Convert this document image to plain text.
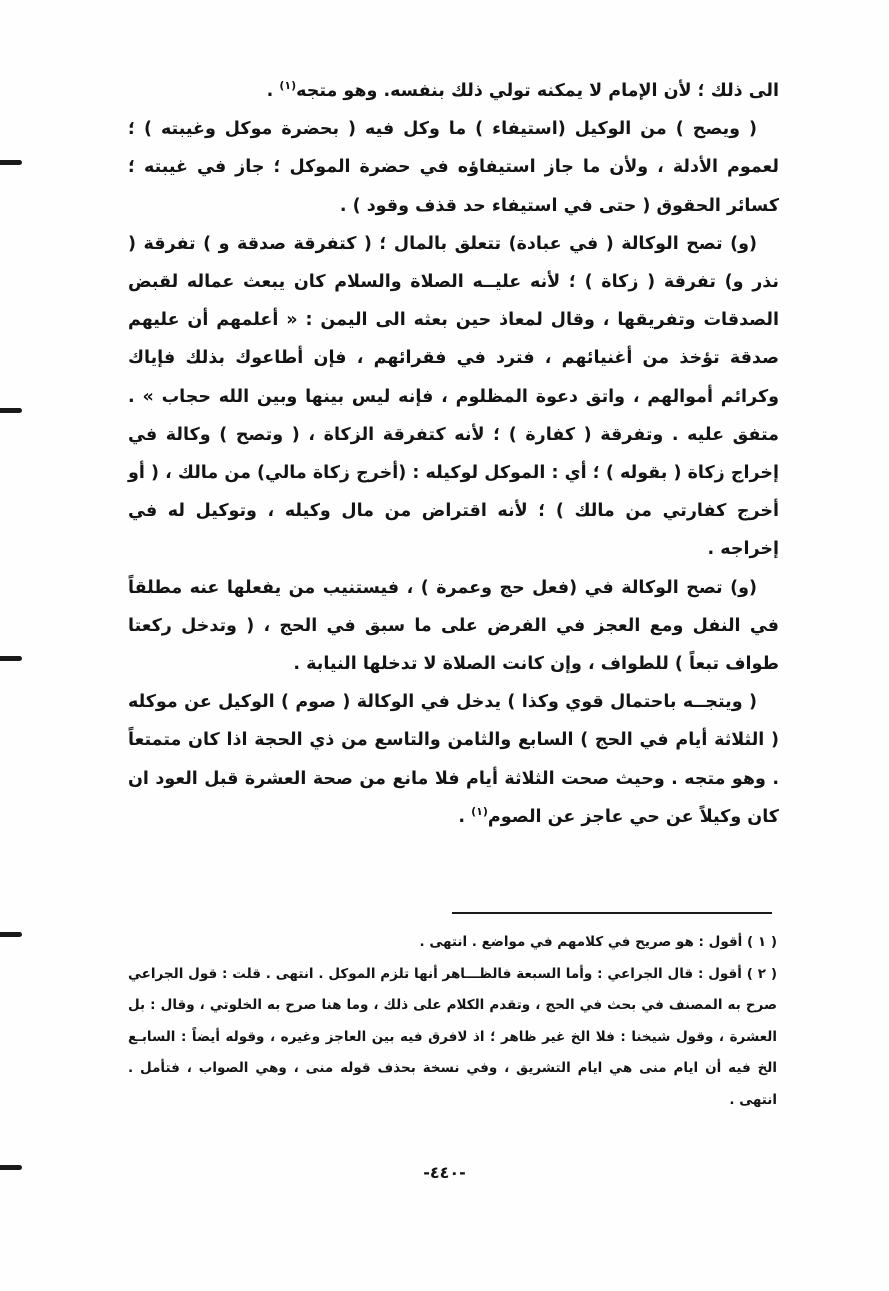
الى ذلك ؛ لأن الإمام لا يمكنه تولي ذلك بنفسه. وهو متجه$^{(١)}$ .

( ويصح ) من الوكيل (استيفاء ) ما وكل فيه ( بحضرة موكل وغيبته ) ؛ لعموم الأدلة ، ولأن ما جاز استيفاؤه في حضرة الموكل ؛ جاز في غيبته ؛ كسائر الحقوق ( حتى في استيفاء حد قذف وقود ) .

(و) تصح الوكالة ( في عبادة) تتعلق بالمال ؛ ( كتفرقة صدقة و ) تفرقة ( نذر و) تفرقة ( زكاة ) ؛ لأنه عليــه الصلاة والسلام كان يبعث عماله لقبض الصدقات وتفريقها ، وقال لمعاذ حين بعثه الى اليمن : « أعلمهم أن عليهم صدقة تؤخذ من أغنيائهم ، فترد في فقرائهم ، فإن أطاعوك بذلك فإياك وكرائم أموالهم ، واتق دعوة المظلوم ، فإنه ليس بينها وبين الله حجاب » . متفق عليه . وتفرقة ( كفارة ) ؛ لأنه كتفرقة الزكاة ، ( وتصح ) وكالة في إخراج زكاة ( بقوله ) ؛ أي : الموكل لوكيله : (أخرج زكاة مالي) من مالك ، ( أو أخرج كفارتي من مالك ) ؛ لأنه اقتراض من مال وكيله ، وتوكيل له في إخراجه .

(و) تصح الوكالة في (فعل حج وعمرة ) ، فيستنيب من يفعلها عنه مطلقاً في النفل ومع العجز في الفرض على ما سبق في الحج ، ( وتدخل ركعتا طواف تبعاً ) للطواف ، وإن كانت الصلاة لا تدخلها النيابة .

( ويتجــه باحتمال قوي وكذا ) يدخل في الوكالة ( صوم ) الوكيل عن موكله ( الثلاثة أيام في الحج ) السابع والثامن والتاسع من ذي الحجة اذا كان متمتعاً . وهو متجه . وحيث صحت الثلاثة أيام فلا مانع من صحة العشرة قبل العود ان كان وكيلاً عن حي عاجز عن الصوم$^{(١)}$ .

( ١ ) أقول : هو صريح في كلامهم في مواضع . انتهى .

( ٢ ) أقول : قال الجراعي : وأما السبعة فالظـــاهر أنها تلزم الموكل . انتهى . قلت : قول الجراعي صرح به المصنف في بحث في الحج ، وتقدم الكلام على ذلك ، وما هنا صرح به الخلوتي ، وقال : بل العشرة ، وقول شيخنا : فلا الخ غير ظاهر ؛ اذ لافرق فيه بين العاجز وغيره ، وقوله أيضاً : السابـع الخ فيه أن ايام منى هي ايام التشريق ، وفي نسخة بحذف قوله منى ، وهي الصواب ، فتأمل . انتهى .

-٤٤٠-
